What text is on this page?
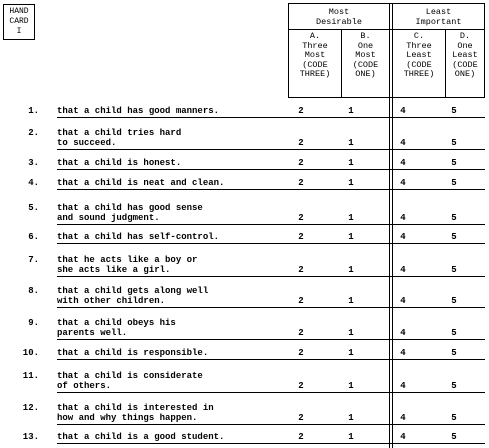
HAND
CARD
I
Most
Desirable
Least
Important
A.
Three
Most
(CODE
THREE)
B.
One
Most
(CODE
ONE)
C.
Three
Least
(CODE
THREE)
D.
One
Least
(CODE
ONE)
1. that a child has good manners.	2	1	4	5
2. that a child tries hard
to succeed.	2	1	4	5
3. that a child is honest.	2	1	4	5
4. that a child is neat and clean.	2	1	4	5
5. that a child has good sense
and sound judgment.	2	1	4	5
6. that a child has self-control.	2	1	4	5
7. that he acts like a boy or
she acts like a girl.	2	1	4	5
8. that a child gets along well
with other children.	2	1	4	5
9. that a child obeys his
parents well.	2	1	4	5
10. that a child is responsible.	2	1	4	5
11. that a child is considerate
of others.	2	1	4	5
12. that a child is interested in
how and why things happen.	2	1	4	5
13. that a child is a good student.	2	1	4	5
